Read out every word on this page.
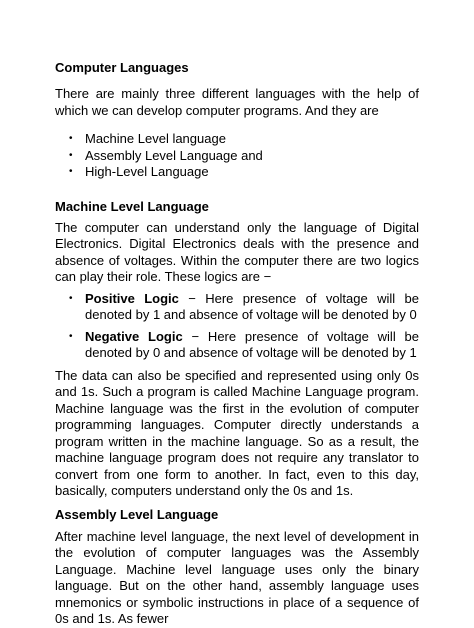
Computer Languages

There are mainly three different languages with the help of which we can develop computer programs. And they are

• Machine Level language
• Assembly Level Language and
• High-Level Language
Machine Level Language

The computer can understand only the language of Digital Electronics. Digital Electronics deals with the presence and absence of voltages. Within the computer there are two logics can play their role. These logics are −

• Positive Logic − Here presence of voltage will be denoted by 1 and absence of voltage will be denoted by 0
• Negative Logic − Here presence of voltage will be denoted by 0 and absence of voltage will be denoted by 1

The data can also be specified and represented using only 0s and 1s. Such a program is called Machine Language program. Machine language was the first in the evolution of computer programming languages. Computer directly understands a program written in the machine language. So as a result, the machine language program does not require any translator to convert from one form to another. In fact, even to this day, basically, computers understand only the 0s and 1s.

Assembly Level Language

After machine level language, the next level of development in the evolution of computer languages was the Assembly Language. Machine level language uses only the binary language. But on the other hand, assembly language uses mnemonics or symbolic instructions in place of a sequence of 0s and 1s. As fewer
